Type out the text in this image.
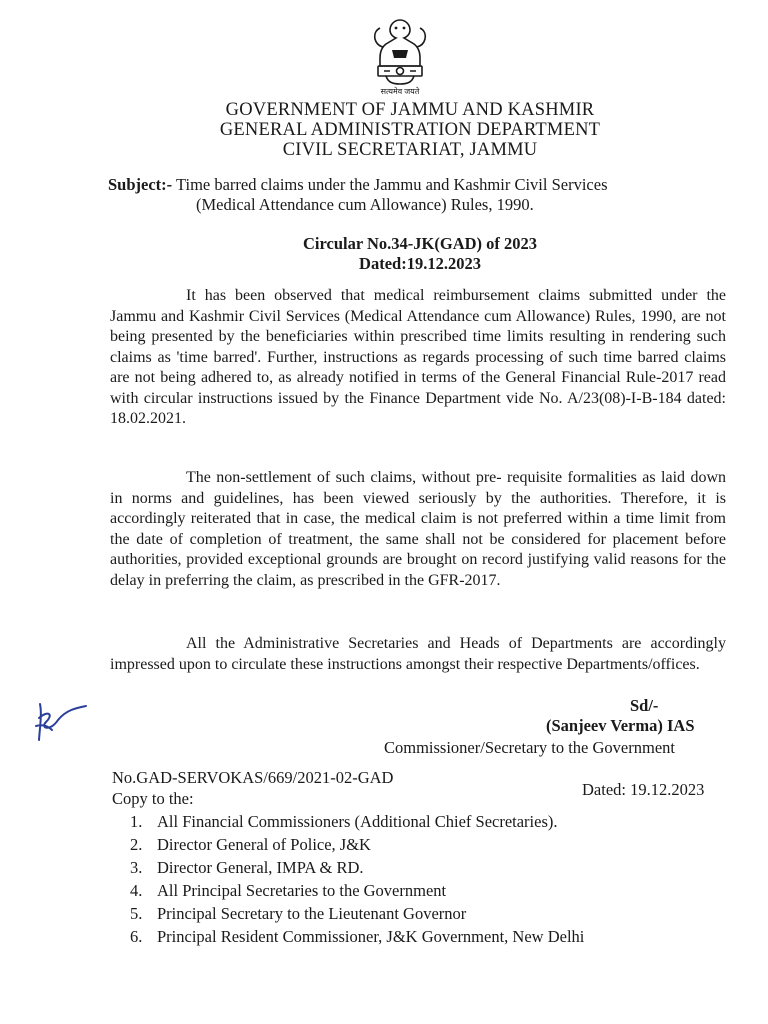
सत्यमेव जयते
GOVERNMENT OF JAMMU AND KASHMIR
GENERAL ADMINISTRATION DEPARTMENT
CIVIL SECRETARIAT, JAMMU
Subject:- Time barred claims under the Jammu and Kashmir Civil Services
(Medical Attendance cum Allowance) Rules, 1990.
Circular No.34-JK(GAD) of 2023
Dated:19.12.2023

It has been observed that medical reimbursement claims submitted under the Jammu and Kashmir Civil Services (Medical Attendance cum Allowance) Rules, 1990, are not being presented by the beneficiaries within prescribed time limits resulting in rendering such claims as 'time barred'. Further, instructions as regards processing of such time barred claims are not being adhered to, as already notified in terms of the General Financial Rule-2017 read with circular instructions issued by the Finance Department vide No. A/23(08)-I-B-184 dated: 18.02.2021.

The non-settlement of such claims, without pre- requisite formalities as laid down in norms and guidelines, has been viewed seriously by the authorities. Therefore, it is accordingly reiterated that in case, the medical claim is not preferred within a time limit from the date of completion of treatment, the same shall not be considered for placement before authorities, provided exceptional grounds are brought on record justifying valid reasons for the delay in preferring the claim, as prescribed in the GFR-2017.

All the Administrative Secretaries and Heads of Departments are accordingly impressed upon to circulate these instructions amongst their respective Departments/offices.

Sd/-
(Sanjeev Verma) IAS
Commissioner/Secretary to the Government
No.GAD-SERVOKAS/669/2021-02-GAD
Dated: 19.12.2023
Copy to the:
1. All Financial Commissioners (Additional Chief Secretaries).
2. Director General of Police, J&K
3. Director General, IMPA & RD.
4. All Principal Secretaries to the Government
5. Principal Secretary to the Lieutenant Governor
6. Principal Resident Commissioner, J&K Government, New Delhi
